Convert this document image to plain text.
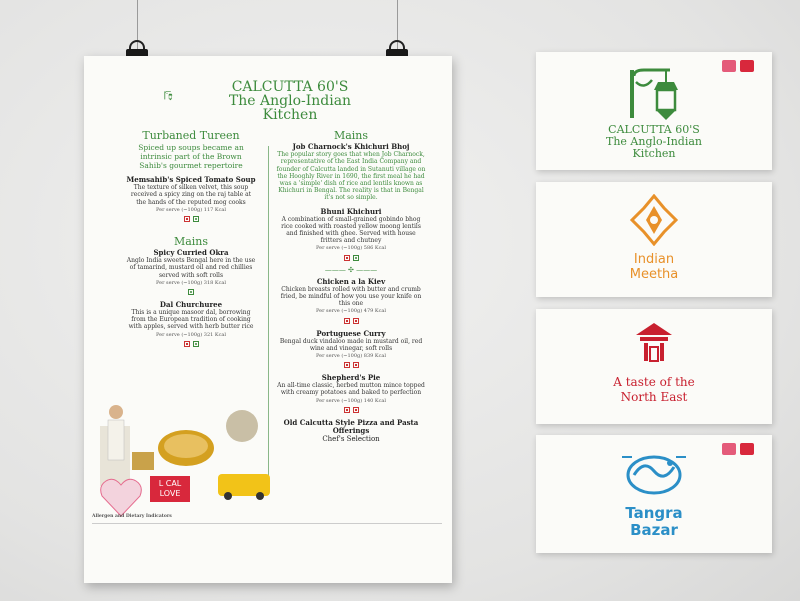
CALCUTTA 60'S
The Anglo-Indian
Kitchen
Turbaned Tureen
Spiced up soups became an intrinsic part of the Brown Sahib's gourmet repertoire
Memsahib's Spiced Tomato Soup
The texture of silken velvet, this soup received a spicy zing on the raj table at the hands of the reputed mog cooks
Per serve (~100g) 117 Kcal
Mains
Spicy Curried Okra
Anglo India sweets Bengal here in the use of tamarind, mustard oil and red chillies served with soft rolls
Per serve (~100g) 318 Kcal
Dal Churchuree
This is a unique masoor dal, borrowing from the European tradition of cooking with apples, served with herb butter rice
Per serve (~100g) 321 Kcal
Mains
Job Charnock's Khichuri Bhoj
The popular story goes that when Job Charnock, representative of the East India Company and founder of Calcutta landed in Sutanuti village on the Hooghly River in 1690, the first meal he had was a 'simple' dish of rice and lentils known as Khichuri in Bengal. The reality is that in Bengal it's not so simple.
Bhuni Khichuri
A combination of small-grained gobindo bhog rice cooked with roasted yellow moong lentils and finished with ghee. Served with house fritters and chutney
Per serve (~100g) 586 Kcal
——— ✣ ———
Chicken a la Kiev
Chicken breasts rolled with butter and crumb fried, be mindful of how you use your knife on this one
Per serve (~100g) 479 Kcal
Portuguese Curry
Bengal duck vindaloo made in mustard oil, red wine and vinegar, soft rolls
Per serve (~100g) 839 Kcal
Shepherd's Pie
An all-time classic, herbed mutton mince topped with creamy potatoes and baked to perfection
Per serve (~100g) 140 Kcal
Old Calcutta Style Pizza and Pasta Offerings
Chef's Selection
L CAL LOVE
Allergen and Dietary Indicators
CALCUTTA 60'S
The Anglo-Indian
Kitchen
Indian
Meetha
A taste of the
North East
Tangra
Bazar
